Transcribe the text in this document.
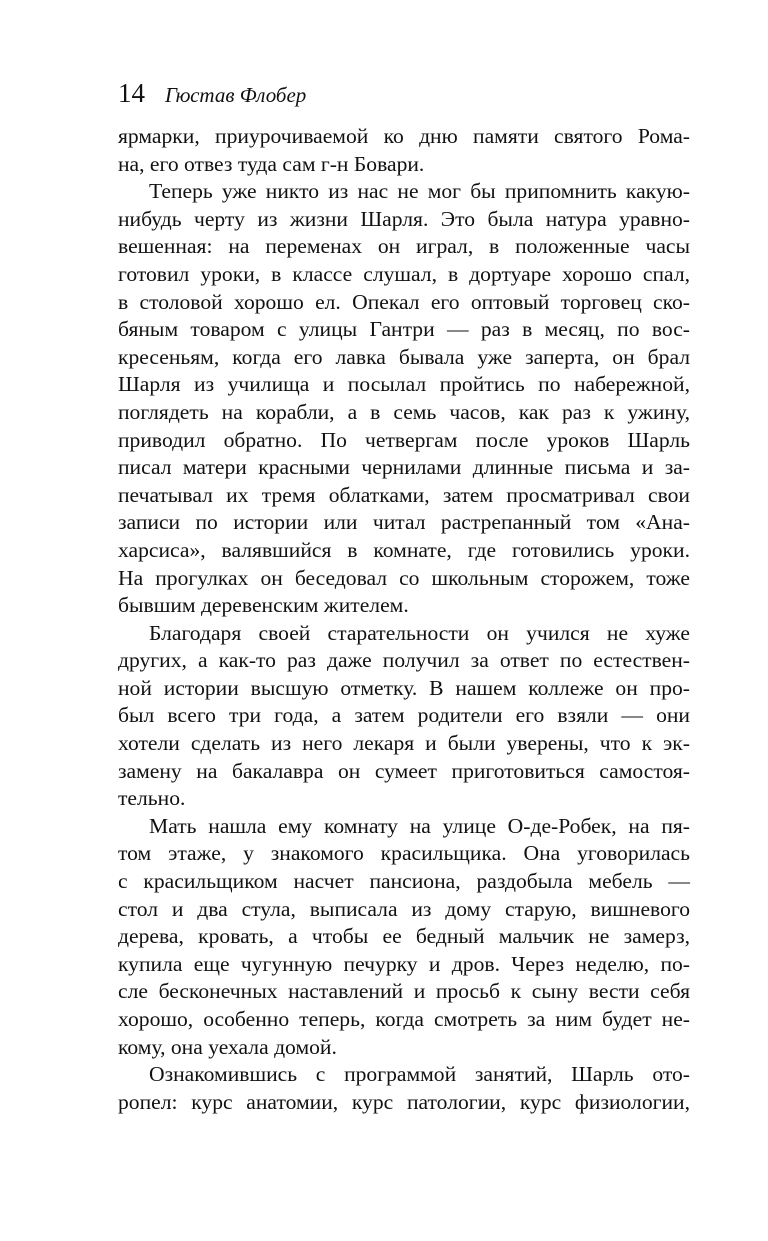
14 Гюстав Флобер
ярмарки, приурочиваемой ко дню памяти святого Рома-
на, его отвез туда сам г-н Бовари.
Теперь уже никто из нас не мог бы припомнить какую-
нибудь черту из жизни Шарля. Это была натура уравно-
вешенная: на переменах он играл, в положенные часы
готовил уроки, в классе слушал, в дортуаре хорошо спал,
в столовой хорошо ел. Опекал его оптовый торговец ско-
бяным товаром с улицы Гантри — раз в месяц, по вос-
кресеньям, когда его лавка бывала уже заперта, он брал
Шарля из училища и посылал пройтись по набережной,
поглядеть на корабли, а в семь часов, как раз к ужину,
приводил обратно. По четвергам после уроков Шарль
писал матери красными чернилами длинные письма и за-
печатывал их тремя облатками, затем просматривал свои
записи по истории или читал растрепанный том «Ана-
харсиса», валявшийся в комнате, где готовились уроки.
На прогулках он беседовал со школьным сторожем, тоже
бывшим деревенским жителем.
Благодаря своей старательности он учился не хуже
других, а как-то раз даже получил за ответ по естествен-
ной истории высшую отметку. В нашем коллеже он про-
был всего три года, а затем родители его взяли — они
хотели сделать из него лекаря и были уверены, что к эк-
замену на бакалавра он сумеет приготовиться самостоя-
тельно.
Мать нашла ему комнату на улице О-де-Робек, на пя-
том этаже, у знакомого красильщика. Она уговорилась
с красильщиком насчет пансиона, раздобыла мебель —
стол и два стула, выписала из дому старую, вишневого
дерева, кровать, а чтобы ее бедный мальчик не замерз,
купила еще чугунную печурку и дров. Через неделю, по-
сле бесконечных наставлений и просьб к сыну вести себя
хорошо, особенно теперь, когда смотреть за ним будет не-
кому, она уехала домой.
Ознакомившись с программой занятий, Шарль ото-
ропел: курс анатомии, курс патологии, курс физиологии,
